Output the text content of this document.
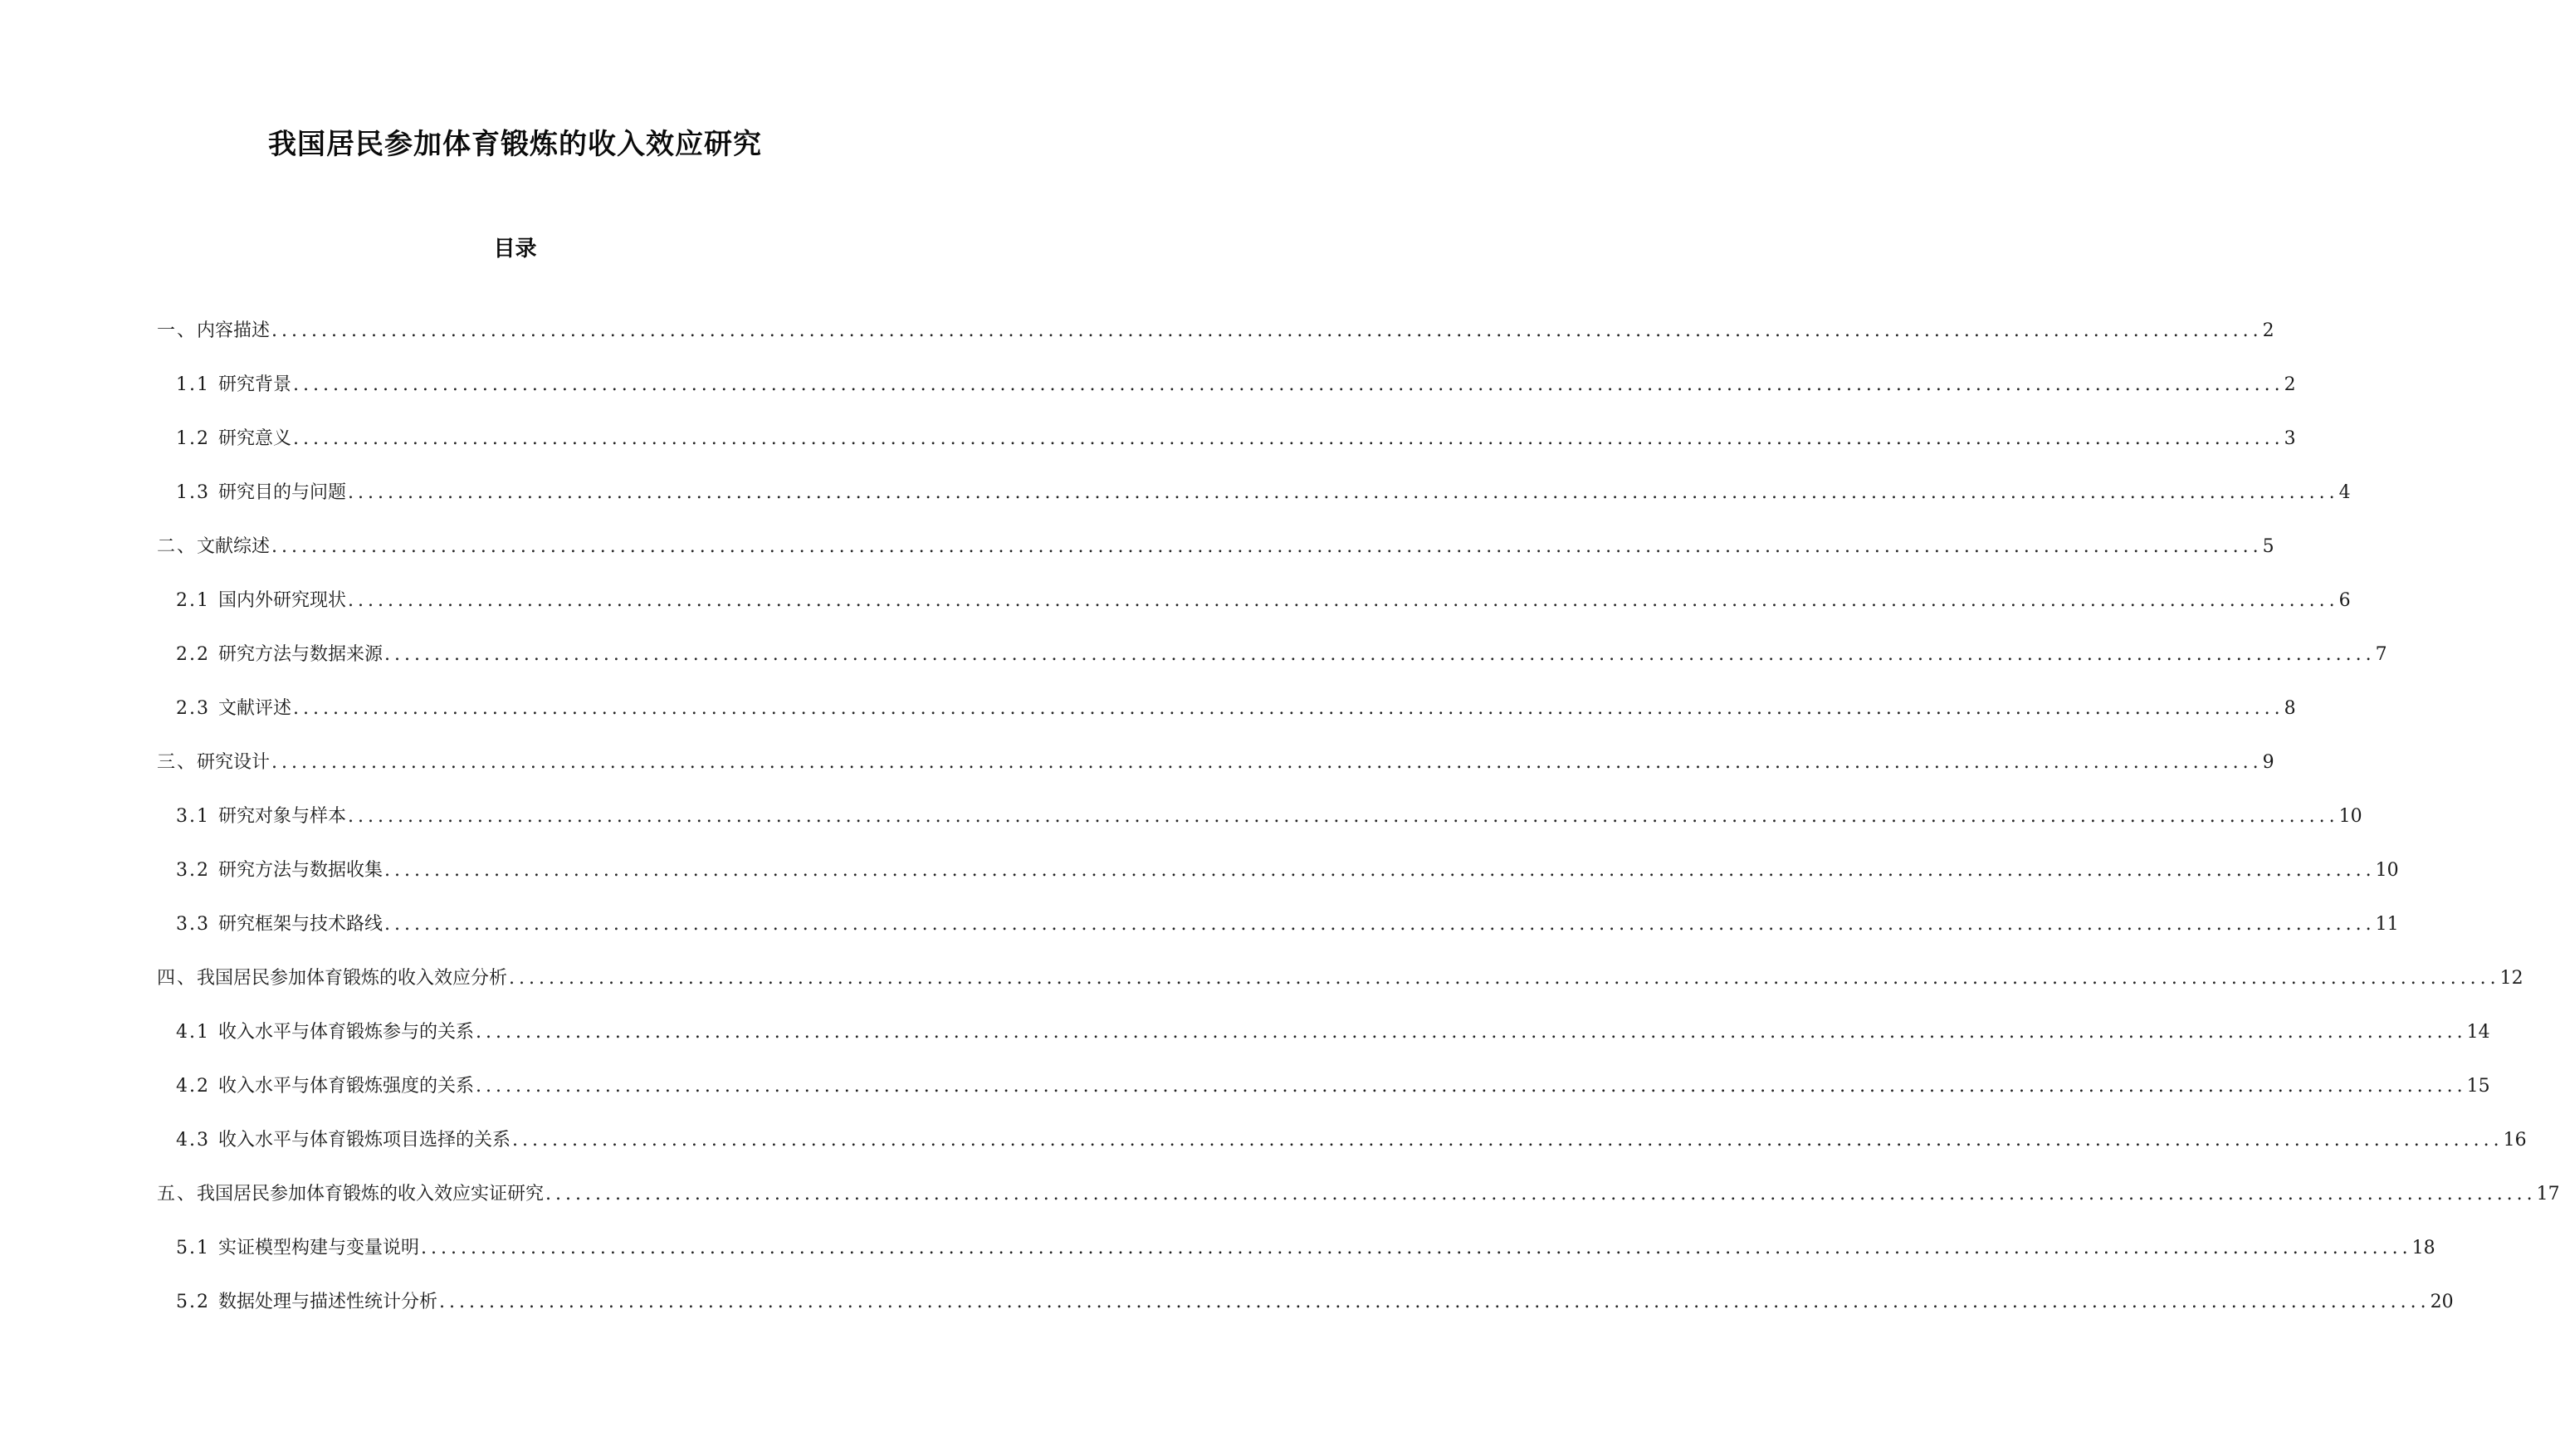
我国居民参加体育锻炼的收入效应研究
目录
一、内容描述 ........................................................................................................................................................................................................ 2
1.1 研究背景 ........................................................................................................................................................................................................ 2
1.2 研究意义 ........................................................................................................................................................................................................ 3
1.3 研究目的与问题 ........................................................................................................................................................................................................ 4
二、文献综述 ........................................................................................................................................................................................................ 5
2.1 国内外研究现状 ........................................................................................................................................................................................................ 6
2.2 研究方法与数据来源 ........................................................................................................................................................................................................ 7
2.3 文献评述 ........................................................................................................................................................................................................ 8
三、研究设计 ........................................................................................................................................................................................................ 9
3.1 研究对象与样本 ........................................................................................................................................................................................................ 10
3.2 研究方法与数据收集 ........................................................................................................................................................................................................ 10
3.3 研究框架与技术路线 ........................................................................................................................................................................................................ 11
四、我国居民参加体育锻炼的收入效应分析 ........................................................................................................................................................................................................ 12
4.1 收入水平与体育锻炼参与的关系 ........................................................................................................................................................................................................ 14
4.2 收入水平与体育锻炼强度的关系 ........................................................................................................................................................................................................ 15
4.3 收入水平与体育锻炼项目选择的关系 ........................................................................................................................................................................................................ 16
五、我国居民参加体育锻炼的收入效应实证研究 ........................................................................................................................................................................................................ 17
5.1 实证模型构建与变量说明 ........................................................................................................................................................................................................ 18
5.2 数据处理与描述性统计分析 ........................................................................................................................................................................................................ 20
